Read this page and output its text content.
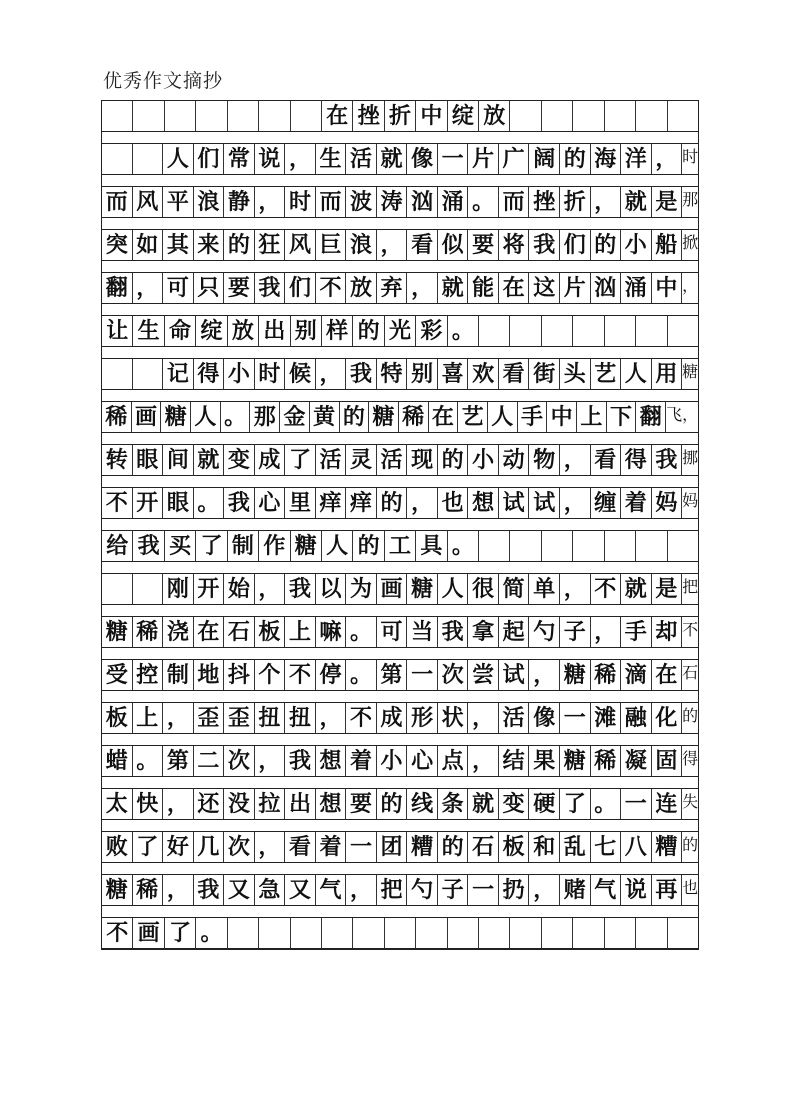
优秀作文摘抄
在 挫 折 中 绽 放
人 们 常 说 ， 生 活 就 像 一 片 广 阔 的 海 洋 ， 时
而 风 平 浪 静 ， 时 而 波 涛 汹 涌 。 而 挫 折 ， 就 是 那
突 如 其 来 的 狂 风 巨 浪 ， 看 似 要 将 我 们 的 小 船 掀
翻 ， 可 只 要 我 们 不 放 弃 ， 就 能 在 这 片 汹 涌 中 ，
让 生 命 绽 放 出 别 样 的 光 彩 。
记 得 小 时 候 ， 我 特 别 喜 欢 看 街 头 艺 人 用 糖
稀 画 糖 人 。 那 金 黄 的 糖 稀 在 艺 人 手 中 上 下 翻 飞，
转 眼 间 就 变 成 了 活 灵 活 现 的 小 动 物 ， 看 得 我 挪
不 开 眼 。 我 心 里 痒 痒 的 ， 也 想 试 试 ， 缠 着 妈 妈
给 我 买 了 制 作 糖 人 的 工 具 。
刚 开 始 ， 我 以 为 画 糖 人 很 简 单 ， 不 就 是 把
糖 稀 浇 在 石 板 上 嘛 。 可 当 我 拿 起 勺 子 ， 手 却 不
受 控 制 地 抖 个 不 停 。 第 一 次 尝 试 ， 糖 稀 滴 在 石
板 上 ， 歪 歪 扭 扭 ， 不 成 形 状 ， 活 像 一 滩 融 化 的
蜡 。 第 二 次 ， 我 想 着 小 心 点 ， 结 果 糖 稀 凝 固 得
太 快 ， 还 没 拉 出 想 要 的 线 条 就 变 硬 了 。 一 连 失
败 了 好 几 次 ， 看 着 一 团 糟 的 石 板 和 乱 七 八 糟 的
糖 稀 ， 我 又 急 又 气 ， 把 勺 子 一 扔 ， 赌 气 说 再 也
不 画 了 。
